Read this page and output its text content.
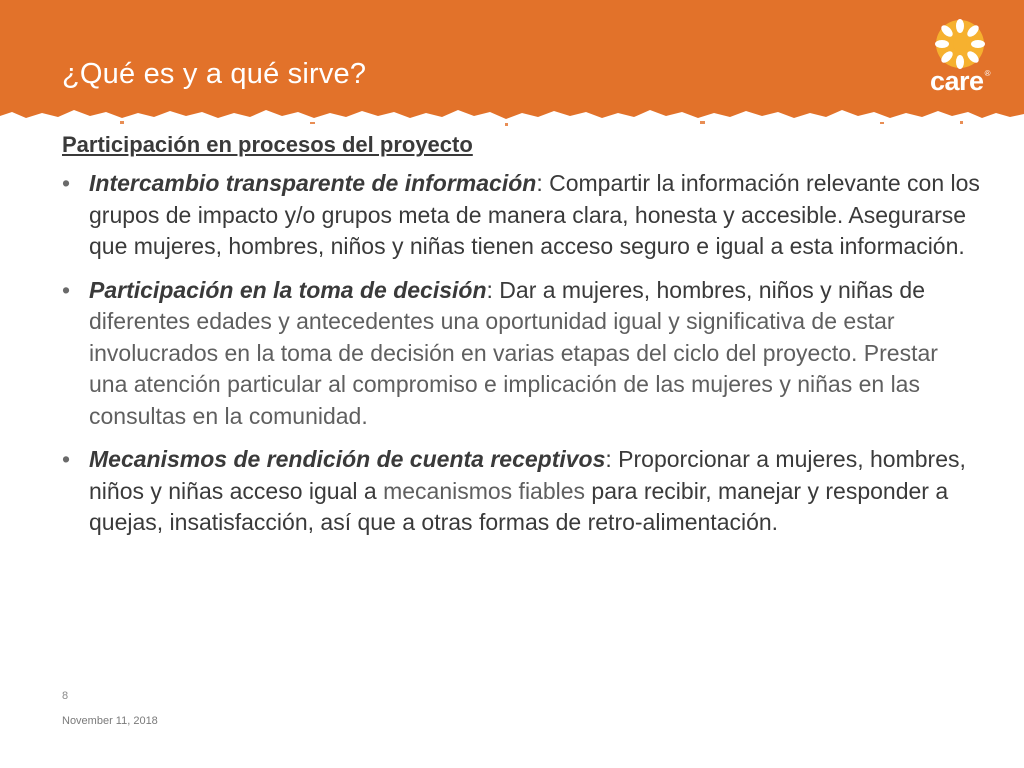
¿Qué es y a qué sirve?	care®

Participación en procesos del proyecto

• Intercambio transparente de información: Compartir la información relevante con los grupos de impacto y/o grupos meta de manera clara, honesta y accesible. Asegurarse que mujeres, hombres, niños y niñas tienen acceso seguro e igual a esta información.
• Participación en la toma de decisión: Dar a mujeres, hombres, niños y niñas de diferentes edades y antecedentes una oportunidad igual y significativa de estar involucrados en la toma de decisión en varias etapas del ciclo del proyecto. Prestar una atención particular al compromiso e implicación de las mujeres y niñas en las consultas en la comunidad.
• Mecanismos de rendición de cuenta receptivos: Proporcionar a mujeres, hombres, niños y niñas acceso igual a mecanismos fiables para recibir, manejar y responder a quejas, insatisfacción, así que a otras formas de retro-alimentación.
8
November 11, 2018
